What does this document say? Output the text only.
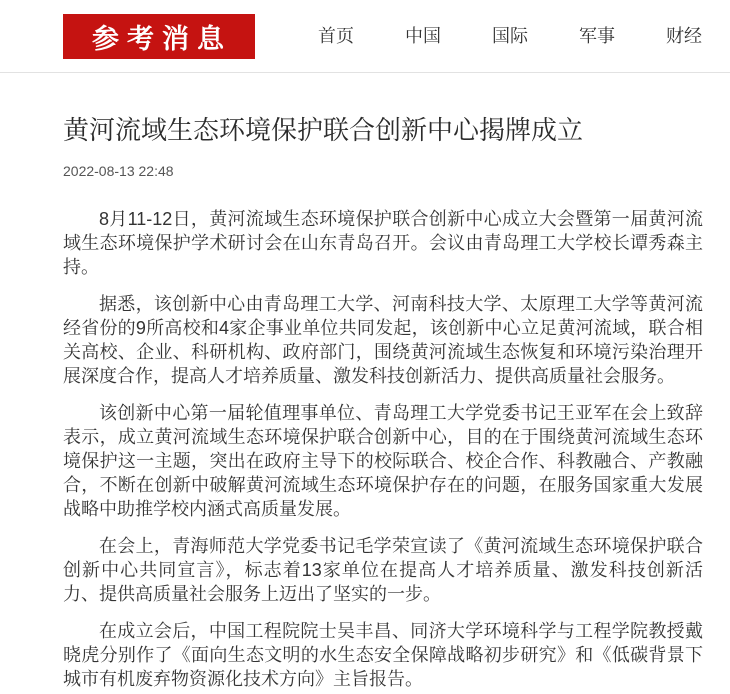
参考消息	首页	中国	国际	军事	财经
黄河流域生态环境保护联合创新中心揭牌成立
2022-08-13 22:48

8月11-12日，黄河流域生态环境保护联合创新中心成立大会暨第一届黄河流域生态环境保护学术研讨会在山东青岛召开。会议由青岛理工大学校长谭秀森主持。

据悉，该创新中心由青岛理工大学、河南科技大学、太原理工大学等黄河流经省份的9所高校和4家企事业单位共同发起，该创新中心立足黄河流域，联合相关高校、企业、科研机构、政府部门，围绕黄河流域生态恢复和环境污染治理开展深度合作，提高人才培养质量、激发科技创新活力、提供高质量社会服务。

该创新中心第一届轮值理事单位、青岛理工大学党委书记王亚军在会上致辞表示，成立黄河流域生态环境保护联合创新中心，目的在于围绕黄河流域生态环境保护这一主题，突出在政府主导下的校际联合、校企合作、科教融合、产教融合，不断在创新中破解黄河流域生态环境保护存在的问题，在服务国家重大发展战略中助推学校内涵式高质量发展。

在会上，青海师范大学党委书记毛学荣宣读了《黄河流域生态环境保护联合创新中心共同宣言》，标志着13家单位在提高人才培养质量、激发科技创新活力、提供高质量社会服务上迈出了坚实的一步。

在成立会后，中国工程院院士吴丰昌、同济大学环境科学与工程学院教授戴晓虎分别作了《面向生态文明的水生态安全保障战略初步研究》和《低碳背景下城市有机废弃物资源化技术方向》主旨报告。
